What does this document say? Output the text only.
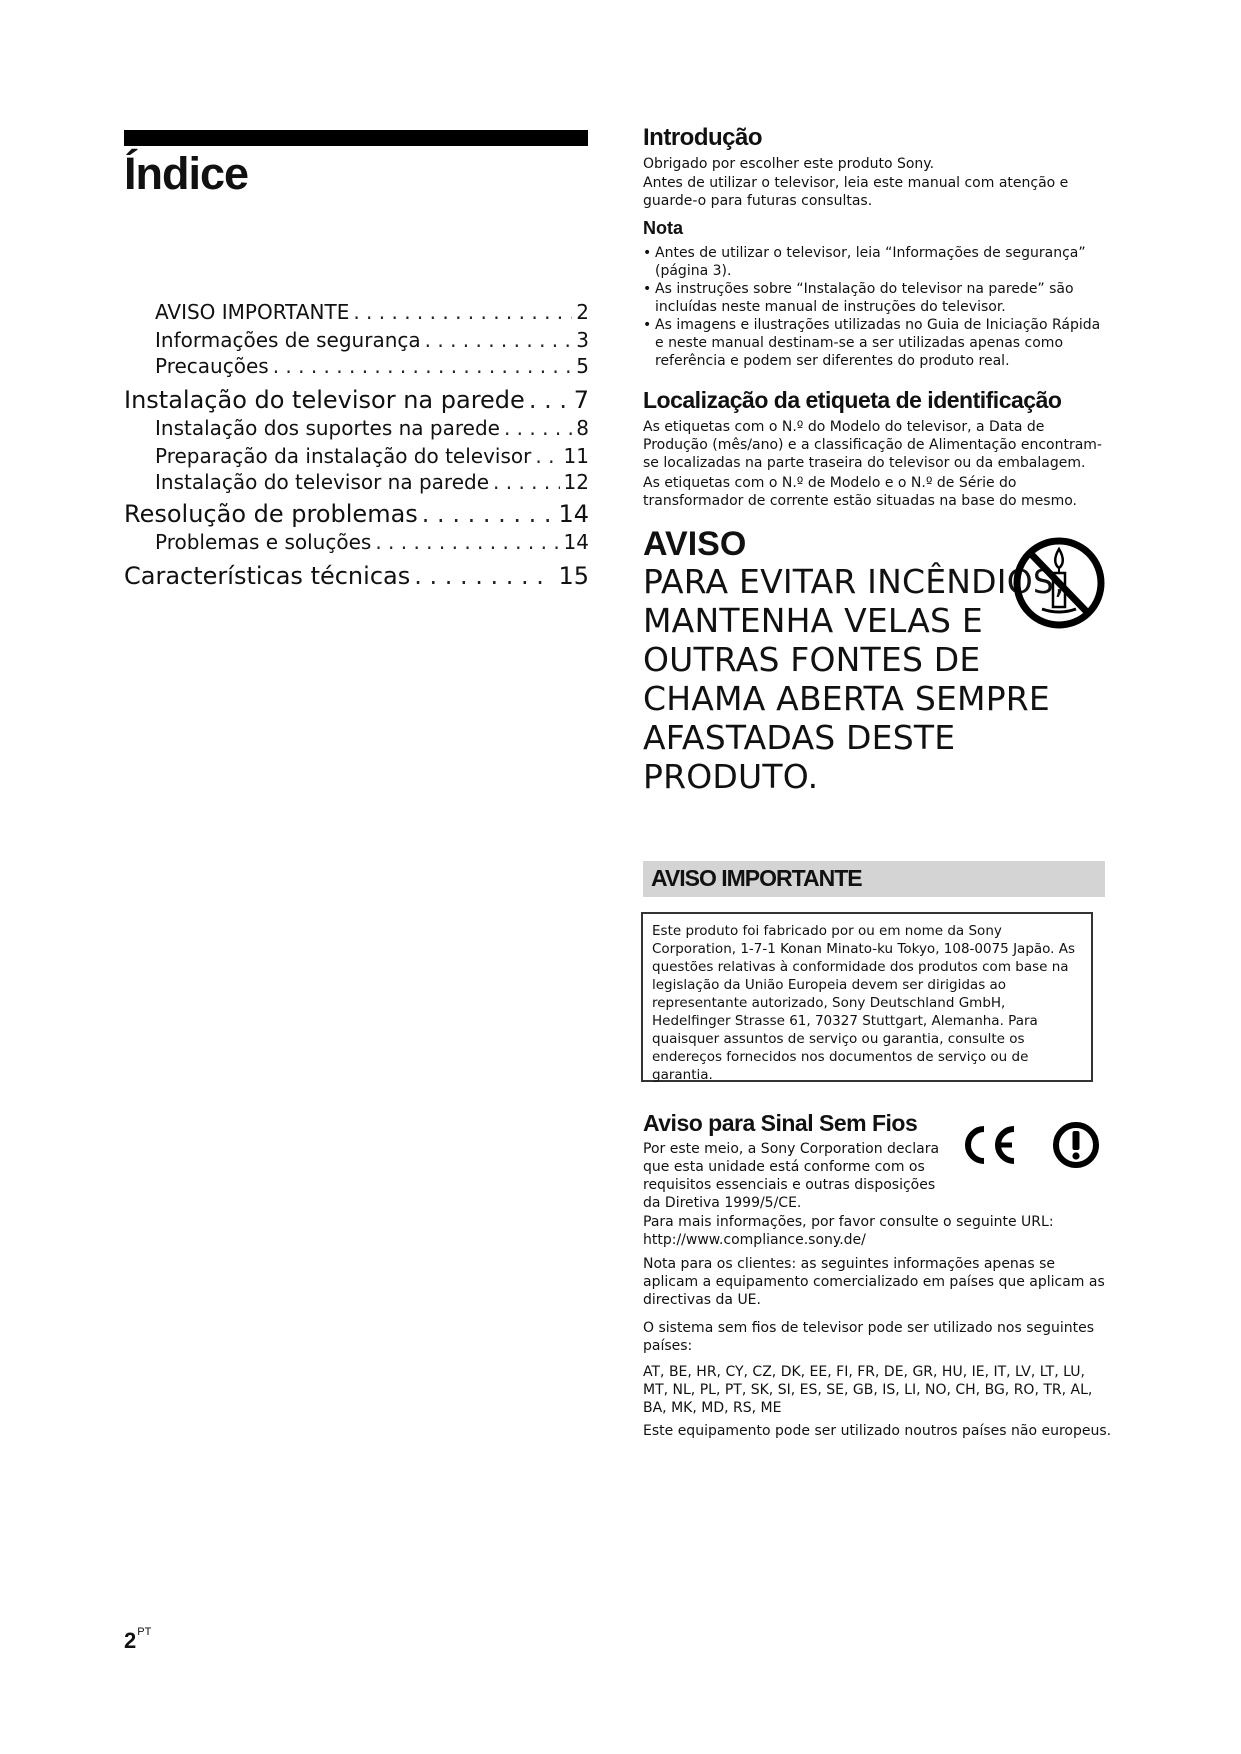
Índice
AVISO IMPORTANTE . . .	2
Informações de segurança . . .	3
Precauções . . .	5
Instalação do televisor na parede . . . 7
Instalação dos suportes na parede . . .	8
Preparação da instalação do televisor . . . 11
Instalação do televisor na parede . . .	12
Resolução de problemas . . .	14
Problemas e soluções . . .	14
Características técnicas . . .	15
Introdução
Obrigado por escolher este produto Sony.
Antes de utilizar o televisor, leia este manual com atenção e guarde-o para futuras consultas.
Nota
• Antes de utilizar o televisor, leia “Informações de segurança” (página 3).
• As instruções sobre “Instalação do televisor na parede” são incluídas neste manual de instruções do televisor.
• As imagens e ilustrações utilizadas no Guia de Iniciação Rápida e neste manual destinam-se a ser utilizadas apenas como referência e podem ser diferentes do produto real.
Localização da etiqueta de identificação
As etiquetas com o N.º do Modelo do televisor, a Data de Produção (mês/ano) e a classificação de Alimentação encontram-se localizadas na parte traseira do televisor ou da embalagem.
As etiquetas com o N.º de Modelo e o N.º de Série do transformador de corrente estão situadas na base do mesmo.
AVISO
PARA EVITAR INCÊNDIOS, MANTENHA VELAS E OUTRAS FONTES DE CHAMA ABERTA SEMPRE AFASTADAS DESTE PRODUTO.
AVISO IMPORTANTE
Este produto foi fabricado por ou em nome da Sony Corporation, 1-7-1 Konan Minato-ku Tokyo, 108-0075 Japão. As questões relativas à conformidade dos produtos com base na legislação da União Europeia devem ser dirigidas ao representante autorizado, Sony Deutschland GmbH, Hedelfinger Strasse 61, 70327 Stuttgart, Alemanha. Para quaisquer assuntos de serviço ou garantia, consulte os endereços fornecidos nos documentos de serviço ou de garantia.
Aviso para Sinal Sem Fios
Por este meio, a Sony Corporation declara que esta unidade está conforme com os requisitos essenciais e outras disposições da Diretiva 1999/5/CE.
Para mais informações, por favor consulte o seguinte URL:
http://www.compliance.sony.de/
Nota para os clientes: as seguintes informações apenas se aplicam a equipamento comercializado em países que aplicam as directivas da UE.
O sistema sem fios de televisor pode ser utilizado nos seguintes países:
AT, BE, HR, CY, CZ, DK, EE, FI, FR, DE, GR, HU, IE, IT, LV, LT, LU, MT, NL, PL, PT, SK, SI, ES, SE, GB, IS, LI, NO, CH, BG, RO, TR, AL, BA, MK, MD, RS, ME
Este equipamento pode ser utilizado noutros países não europeus.
$2^{PT}$
